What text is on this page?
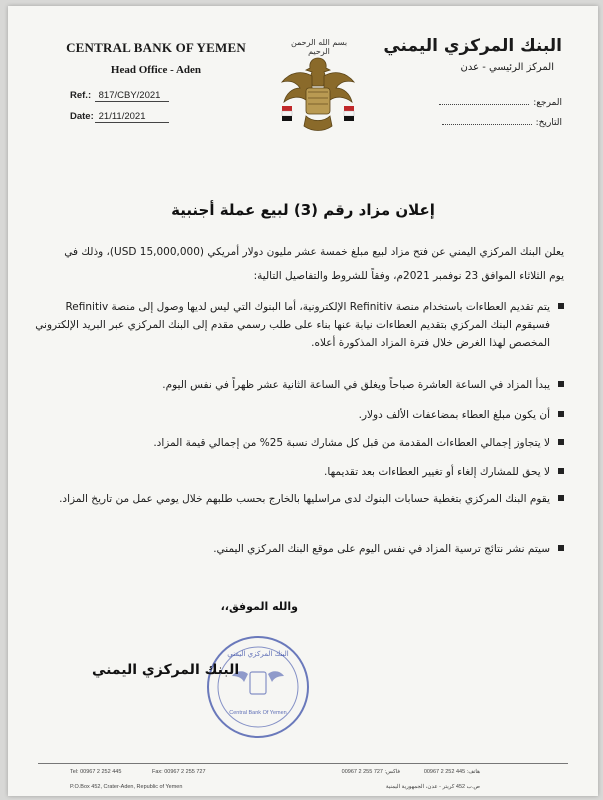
CENTRAL BANK OF YEMEN
Head Office - Aden
Ref.: 817/CBY/2021
Date: 21/11/2021
بسم الله الرحمن الرحيم	البنك المركزي اليمني
المركز الرئيسي - عدن
المرجع:
التاريخ:
إعلان مزاد رقم (3) لبيع عملة أجنبية
يعلن البنك المركزي اليمني عن فتح مزاد لبيع مبلغ خمسة عشر مليون دولار أمريكي (15,000,000 USD)، وذلك في
يوم الثلاثاء الموافق 23 نوفمبر 2021م، وفقاً للشروط والتفاصيل التالية:
يتم تقديم العطاءات باستخدام منصة Refinitiv الإلكترونية، أما البنوك التي ليس لديها وصول إلى منصة Refinitiv فسيقوم البنك المركزي بتقديم العطاءات نيابة عنها بناء على طلب رسمي مقدم إلى البنك المركزي عبر البريد الإلكتروني المخصص لهذا الغرض خلال فترة المزاد المذكورة أعلاه.
يبدأ المزاد في الساعة العاشرة صباحاً ويغلق في الساعة الثانية عشر ظهراً في نفس اليوم.
أن يكون مبلغ العطاء بمضاعفات الألف دولار.
لا يتجاوز إجمالي العطاءات المقدمة من قبل كل مشارك نسبة 25% من إجمالي قيمة المزاد.
لا يحق للمشارك إلغاء أو تغيير العطاءات بعد تقديمها.
يقوم البنك المركزي بتغطية حسابات البنوك لدى مراسليها بالخارج بحسب طلبهم خلال يومي عمل من تاريخ المزاد.
سيتم نشر نتائج ترسية المزاد في نفس اليوم على موقع البنك المركزي اليمني.
والله الموفق،،
البنك المركزي اليمني
Central Bank Of Yemen
البنك المركزي اليمني
Tel: 00967 2 252 445	Fax: 00967 2 255 727
P.O.Box 452, Crater-Aden, Republic of Yemen
هاتف: 445 252 2 00967
فاكس: 727 255 2 00967
ص.ب 452 كريتر - عدن، الجمهورية اليمنية
